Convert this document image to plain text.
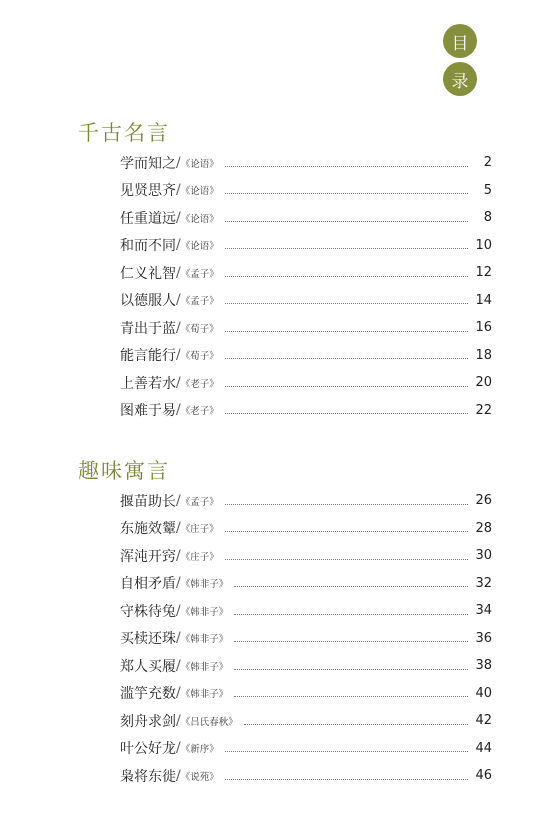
目
录
千古名言
学而知之 / 《论语》	2
见贤思齐 / 《论语》	5
任重道远 / 《论语》	8
和而不同 / 《论语》	10
仁义礼智 / 《孟子》	12
以德服人 / 《孟子》	14
青出于蓝 / 《荀子》	16
能言能行 / 《荀子》	18
上善若水 / 《老子》	20
图难于易 / 《老子》	22
趣味寓言
揠苗助长 / 《孟子》	26
东施效颦 / 《庄子》	28
浑沌开窍 / 《庄子》	30
自相矛盾 / 《韩非子》	32
守株待兔 / 《韩非子》	34
买椟还珠 / 《韩非子》	36
郑人买履 / 《韩非子》	38
滥竽充数 / 《韩非子》	40
刻舟求剑 / 《吕氏春秋》	42
叶公好龙 / 《新序》	44
枭将东徙 / 《说苑》	46
